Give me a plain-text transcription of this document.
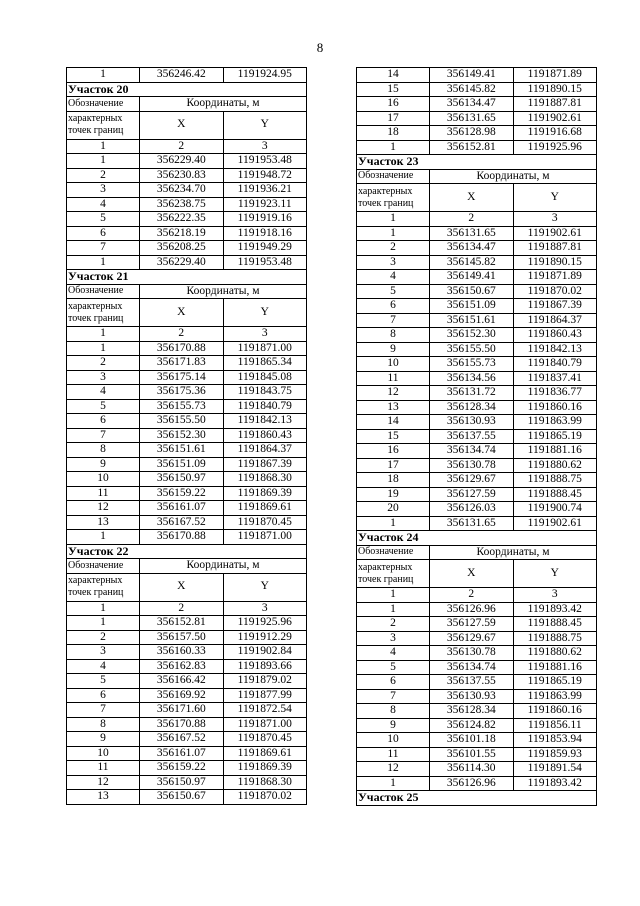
8
1	356246.42	1191924.95
Участок 20		
Обозначение	Координаты, м	

характерных
точек границ	X	Y
1	2	3
1	356229.40	1191953.48
2	356230.83	1191948.72
3	356234.70	1191936.21
4	356238.75	1191923.11
5	356222.35	1191919.16
6	356218.19	1191918.16
7	356208.25	1191949.29
1	356229.40	1191953.48
Участок 21		
Обозначение	Координаты, м	

характерных
точек границ	X	Y
1	2	3
1	356170.88	1191871.00
2	356171.83	1191865.34
3	356175.14	1191845.08
4	356175.36	1191843.75
5	356155.73	1191840.79
6	356155.50	1191842.13
7	356152.30	1191860.43
8	356151.61	1191864.37
9	356151.09	1191867.39
10	356150.97	1191868.30
11	356159.22	1191869.39
12	356161.07	1191869.61
13	356167.52	1191870.45
1	356170.88	1191871.00
Участок 22		
Обозначение	Координаты, м	

характерных
точек границ	X	Y
1	2	3
1	356152.81	1191925.96
2	356157.50	1191912.29
3	356160.33	1191902.84
4	356162.83	1191893.66
5	356166.42	1191879.02
6	356169.92	1191877.99
7	356171.60	1191872.54
8	356170.88	1191871.00
9	356167.52	1191870.45
10	356161.07	1191869.61
11	356159.22	1191869.39
12	356150.97	1191868.30
13	356150.67	1191870.02
14	356149.41	1191871.89
15	356145.82	1191890.15
16	356134.47	1191887.81
17	356131.65	1191902.61
18	356128.98	1191916.68
1	356152.81	1191925.96
Участок 23		
Обозначение	Координаты, м	

характерных
точек границ	X	Y
1	2	3
1	356131.65	1191902.61
2	356134.47	1191887.81
3	356145.82	1191890.15
4	356149.41	1191871.89
5	356150.67	1191870.02
6	356151.09	1191867.39
7	356151.61	1191864.37
8	356152.30	1191860.43
9	356155.50	1191842.13
10	356155.73	1191840.79
11	356134.56	1191837.41
12	356131.72	1191836.77
13	356128.34	1191860.16
14	356130.93	1191863.99
15	356137.55	1191865.19
16	356134.74	1191881.16
17	356130.78	1191880.62
18	356129.67	1191888.75
19	356127.59	1191888.45
20	356126.03	1191900.74
1	356131.65	1191902.61
Участок 24		
Обозначение	Координаты, м	

характерных
точек границ	X	Y
1	2	3
1	356126.96	1191893.42
2	356127.59	1191888.45
3	356129.67	1191888.75
4	356130.78	1191880.62
5	356134.74	1191881.16
6	356137.55	1191865.19
7	356130.93	1191863.99
8	356128.34	1191860.16
9	356124.82	1191856.11
10	356101.18	1191853.94
11	356101.55	1191859.93
12	356114.30	1191891.54
1	356126.96	1191893.42
Участок 25		
